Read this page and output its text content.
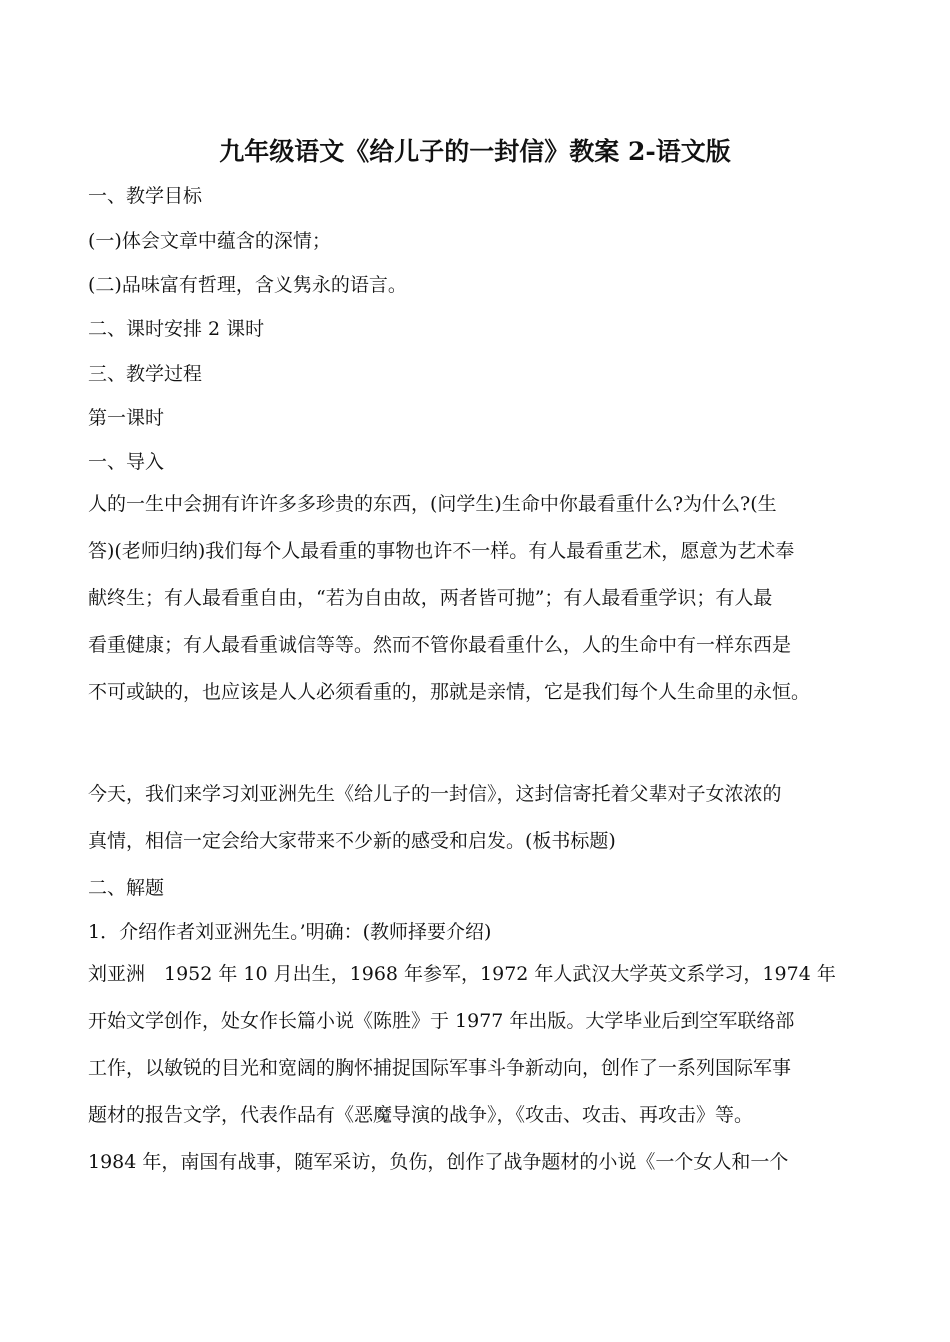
九年级语文《给儿子的一封信》教案 2-语文版
一、教学目标
(一)体会文章中蕴含的深情；
(二)品味富有哲理，含义隽永的语言。
二、课时安排 2 课时
三、教学过程
第一课时
一、导入
人的一生中会拥有许许多多珍贵的东西，(问学生)生命中你最看重什么?为什么?(生
答)(老师归纳)我们每个人最看重的事物也许不一样。有人最看重艺术，愿意为艺术奉
献终生；有人最看重自由，“若为自由故，两者皆可抛”；有人最看重学识；有人最
看重健康；有人最看重诚信等等。然而不管你最看重什么，人的生命中有一样东西是
不可或缺的，也应该是人人必须看重的，那就是亲情，它是我们每个人生命里的永恒。
今天，我们来学习刘亚洲先生《给儿子的一封信》，这封信寄托着父辈对子女浓浓的
真情，相信一定会给大家带来不少新的感受和启发。(板书标题)
二、解题
1．介绍作者刘亚洲先生。’明确：(教师择要介绍)
刘亚洲　1952 年 10 月出生，1968 年参军，1972 年人武汉大学英文系学习，1974 年
开始文学创作，处女作长篇小说《陈胜》于 1977 年出版。大学毕业后到空军联络部
工作，以敏锐的目光和宽阔的胸怀捕捉国际军事斗争新动向，创作了一系列国际军事
题材的报告文学，代表作品有《恶魔导演的战争》，《攻击、攻击、再攻击》等。
1984 年，南国有战事，随军采访，负伤，创作了战争题材的小说《一个女人和一个
